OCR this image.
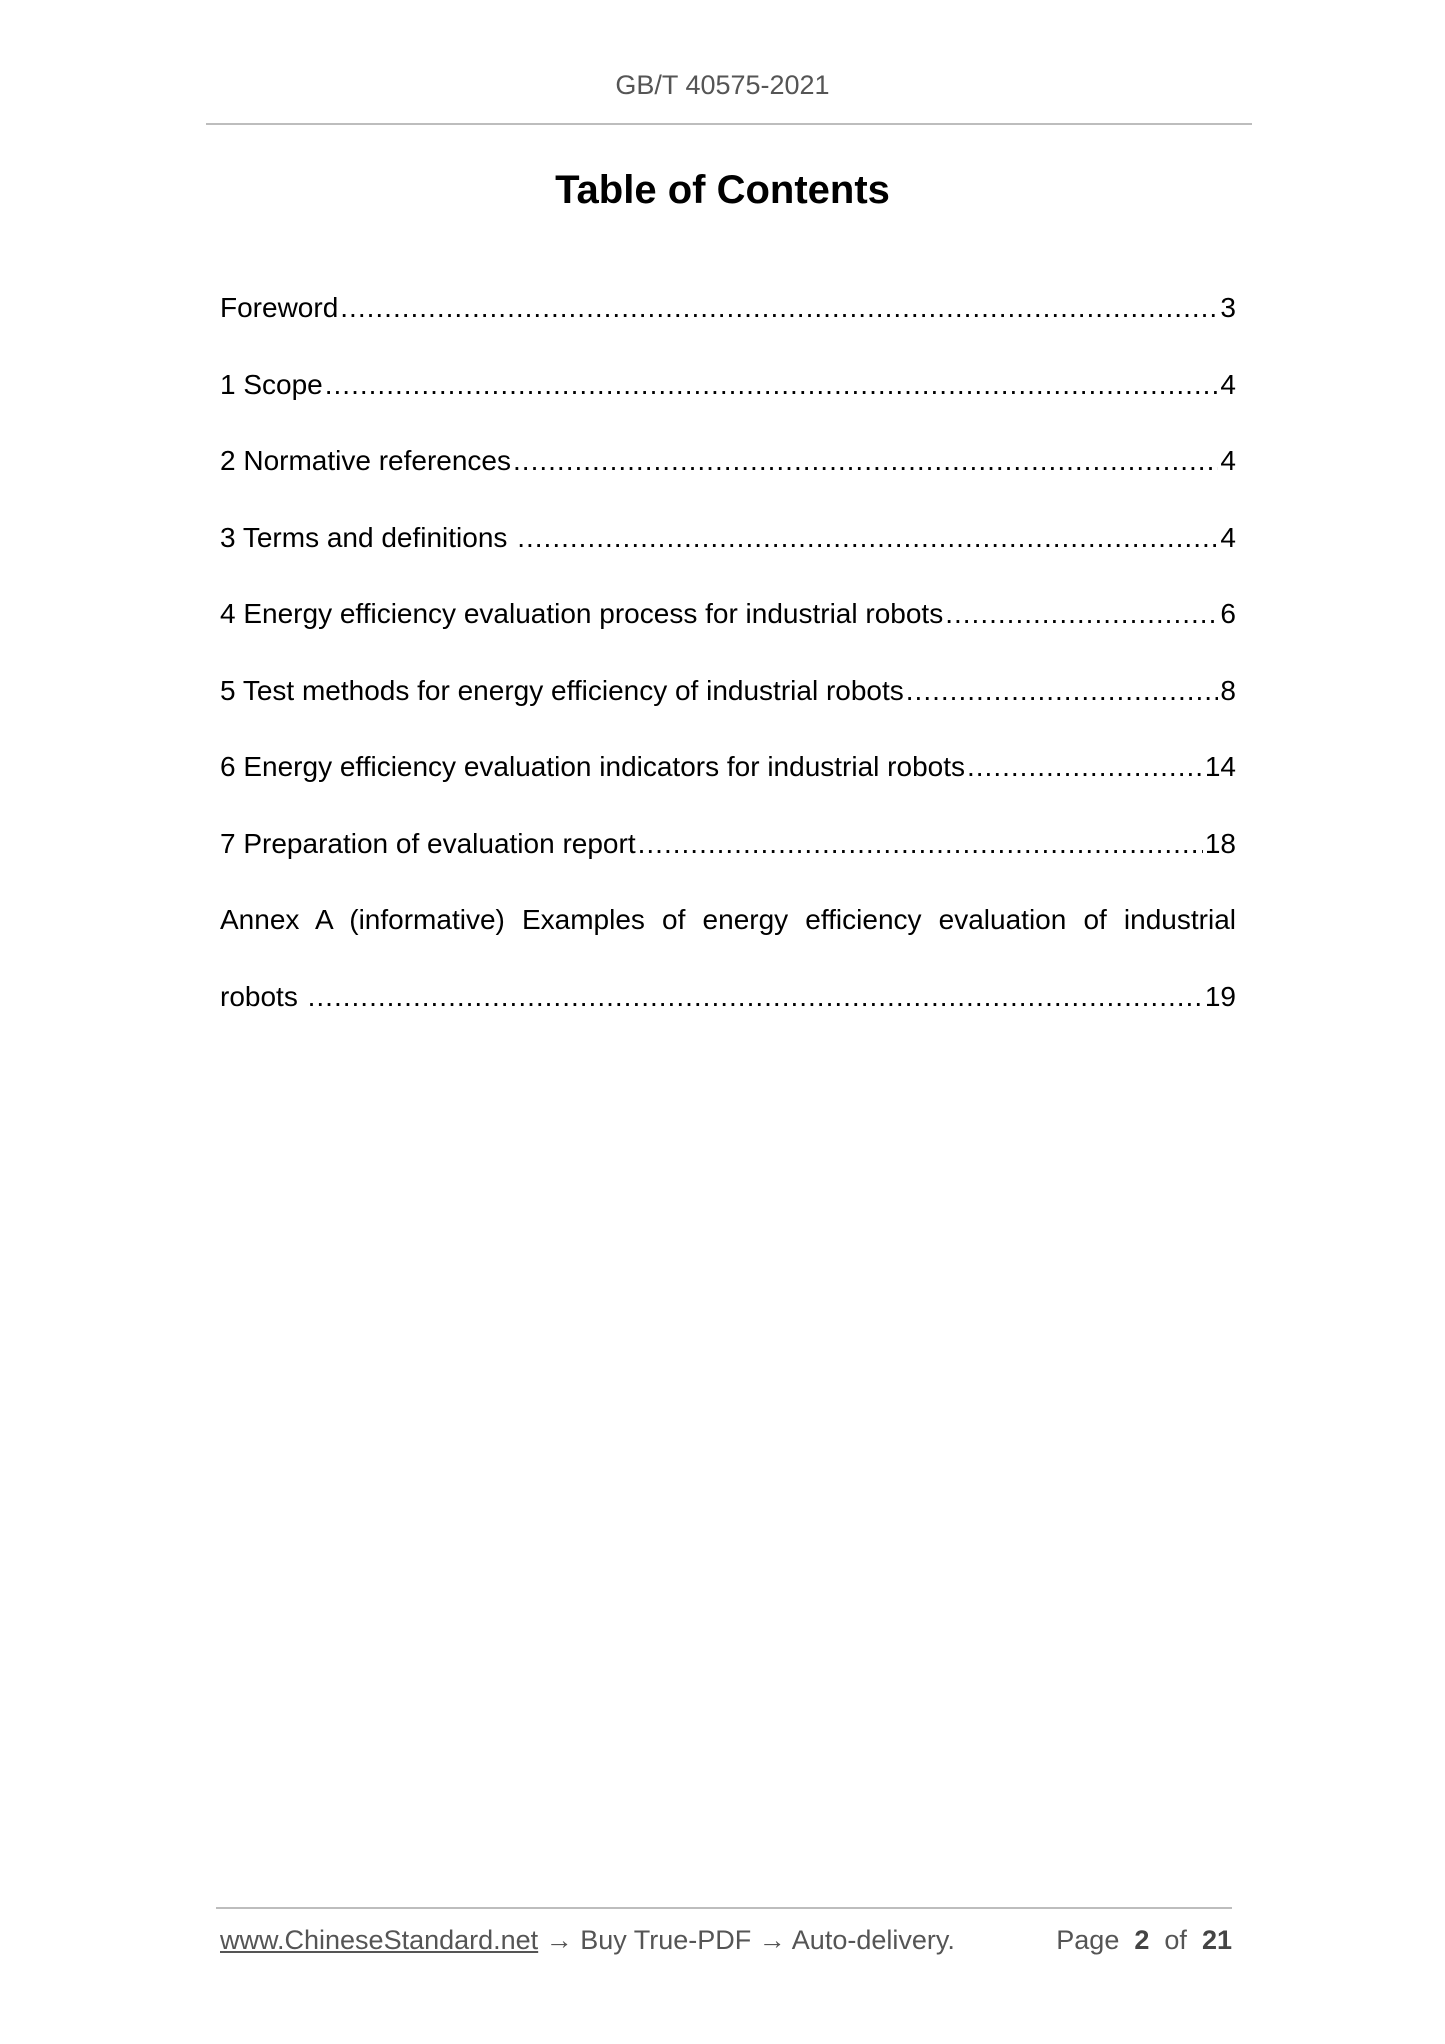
GB/T 40575-2021
Table of Contents
Foreword .....	3
1 Scope .....	4
2 Normative references .....	4
3 Terms and definitions .....	4
4 Energy efficiency evaluation process for industrial robots .....	6
5 Test methods for energy efficiency of industrial robots .....	8
6 Energy efficiency evaluation indicators for industrial robots .....	14
7 Preparation of evaluation report .....	18
Annex A (informative) Examples of energy efficiency evaluation of industrial
robots .....	19
www.ChineseStandard.net → Buy True-PDF → Auto-delivery.	Page 2 of 21
